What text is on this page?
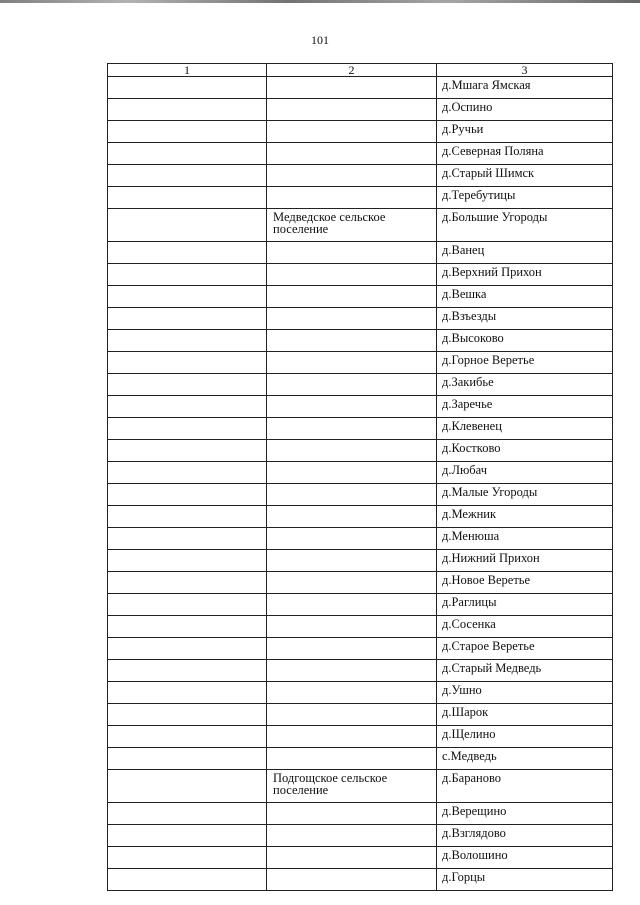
101
1	2	3
		д.Мшага Ямская
		д.Оспино
		д.Ручьи
		д.Северная Поляна
		д.Старый Шимск
		д.Теребутицы
	Медведское сельское поселение	д.Большие Угороды
		д.Ванец
		д.Верхний Прихон
		д.Вешка
		д.Взъезды
		д.Высоково
		д.Горное Веретье
		д.Закибье
		д.Заречье
		д.Клевенец
		д.Костково
		д.Любач
		д.Малые Угороды
		д.Межник
		д.Менюша
		д.Нижний Прихон
		д.Новое Веретье
		д.Раглицы
		д.Сосенка
		д.Старое Веретье
		д.Старый Медведь
		д.Ушно
		д.Шарок
		д.Щелино
		с.Медведь
	Подгощское сельское поселение	д.Бараново
		д.Верещино
		д.Взглядово
		д.Волошино
		д.Горцы
